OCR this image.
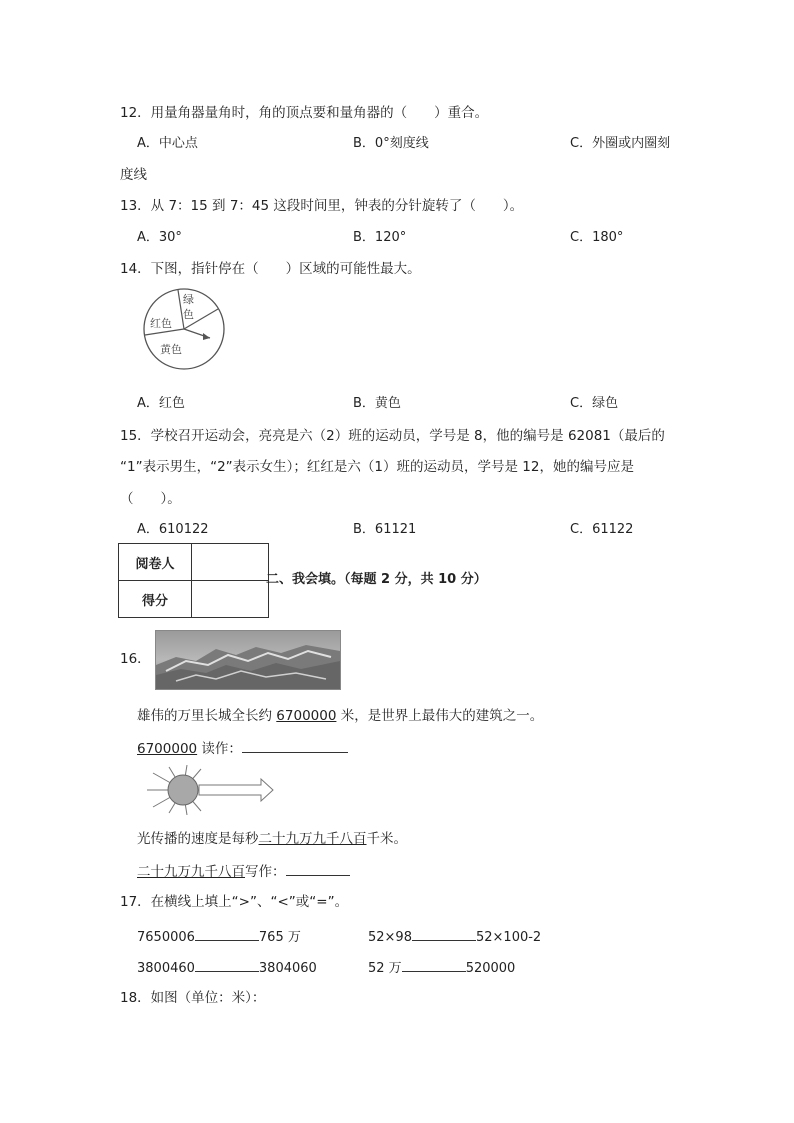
12．用量角器量角时，角的顶点要和量角器的（　　）重合。
A．中心点	B．0°刻度线	C．外圈或内圈刻
度线
13．从 7：15 到 7：45 这段时间里，钟表的分针旋转了（　　）。
A．30°	B．120°	C．180°
14．下图，指针停在（　　）区域的可能性最大。
绿
色
红色
黄色
A．红色	B．黄色	C．绿色
15．学校召开运动会，亮亮是六（2）班的运动员，学号是 8，他的编号是 62081（最后的
“1”表示男生，“2”表示女生）；红红是六（1）班的运动员，学号是 12，她的编号应是
（　　）。
A．610122	B．61121	C．61122
阅卷人	
得分	
二、我会填。（每题 2 分，共 10 分）
16．
雄伟的万里长城全长约 6700000 米，是世界上最伟大的建筑之一。
6700000 读作：
光传播的速度是每秒二十九万九千八百千米。
二十九万九千八百写作：
17．在横线上填上“>”、“<”或“=”。
7650006	765 万	52×98	52×100-2
3800460	3804060	52 万	520000
18．如图（单位：米）：
